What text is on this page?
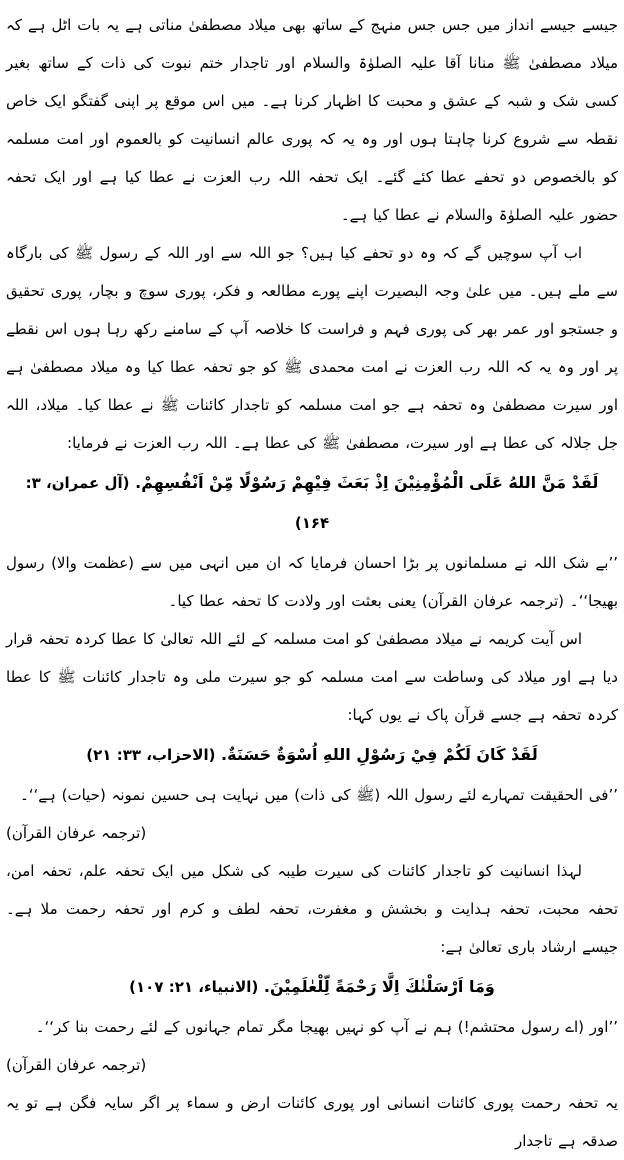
جیسے جیسے انداز میں جس جس منہج کے ساتھ بھی میلاد مصطفیٰ مناتی ہے یہ بات اٹل ہے کہ میلاد مصطفیٰ ﷺ منانا آقا علیہ الصلوٰۃ والسلام اور تاجدار ختم نبوت کی ذات کے ساتھ بغیر کسی شک و شبہ کے عشق و محبت کا اظہار کرنا ہے۔ میں اس موقع پر اپنی گفتگو ایک خاص نقطہ سے شروع کرنا چاہتا ہوں اور وہ یہ کہ پوری عالم انسانیت کو بالعموم اور امت مسلمہ کو بالخصوص دو تحفے عطا کئے گئے۔ ایک تحفہ اللہ رب العزت نے عطا کیا ہے اور ایک تحفہ حضور علیہ الصلوٰۃ والسلام نے عطا کیا ہے۔

اب آپ سوچیں گے کہ وہ دو تحفے کیا ہیں؟ جو اللہ سے اور اللہ کے رسول ﷺ کی بارگاہ سے ملے ہیں۔ میں علیٰ وجہ البصیرت اپنے پورے مطالعہ و فکر، پوری سوچ و بچار، پوری تحقیق و جستجو اور عمر بھر کی پوری فہم و فراست کا خلاصہ آپ کے سامنے رکھ رہا ہوں اس نقطے پر اور وہ یہ کہ اللہ رب العزت نے امت محمدی ﷺ کو جو تحفہ عطا کیا وہ میلاد مصطفیٰ ہے اور سیرت مصطفیٰ وہ تحفہ ہے جو امت مسلمہ کو تاجدار کائنات ﷺ نے عطا کیا۔ میلاد، اللہ جل جلالہ کی عطا ہے اور سیرت، مصطفیٰ ﷺ کی عطا ہے۔ اللہ رب العزت نے فرمایا:

لَقَدْ مَنَّ اللهُ عَلَی الْمُؤْمِنِيْنَ اِذْ بَعَثَ فِيْهِمْ رَسُوْلًا مِّنْ اَنْفُسِهِمْ. (آل عمران، ۳: ۱۶۴)

’’بے شک اللہ نے مسلمانوں پر بڑا احسان فرمایا کہ ان میں انہی میں سے (عظمت والا) رسول بھیجا‘‘۔ (ترجمہ عرفان القرآن) یعنی بعثت اور ولادت کا تحفہ عطا کیا۔

اس آیت کریمہ نے میلاد مصطفیٰ کو امت مسلمہ کے لئے اللہ تعالیٰ کا عطا کردہ تحفہ قرار دیا ہے اور میلاد کی وساطت سے امت مسلمہ کو جو سیرت ملی وہ تاجدار کائنات ﷺ کا عطا کردہ تحفہ ہے جسے قرآن پاک نے یوں کہا:

لَقَدْ كَانَ لَكُمْ فِيْ رَسُوْلِ اللهِ اُسْوَةٌ حَسَنَةٌ. (الاحزاب، ۳۳: ۲۱)

’’فی الحقیقت تمہارے لئے رسول اللہ (ﷺ کی ذات) میں نہایت ہی حسین نمونہ (حیات) ہے‘‘۔

(ترجمہ عرفان القرآن)

لہذا انسانیت کو تاجدار کائنات کی سیرت طیبہ کی شکل میں ایک تحفہ علم، تحفہ امن، تحفہ محبت، تحفہ ہدایت و بخشش و مغفرت، تحفہ لطف و کرم اور تحفہ رحمت ملا ہے۔ جیسے ارشاد باری تعالیٰ ہے:

وَمَا اَرْسَلْنٰكَ اِلَّا رَحْمَةً لِّلْعٰلَمِيْنَ. (الانبیاء، ۲۱: ۱۰۷)

’’اور (اے رسول محتشم!) ہم نے آپ کو نہیں بھیجا مگر تمام جہانوں کے لئے رحمت بنا کر‘‘۔

(ترجمہ عرفان القرآن)

یہ تحفہ رحمت پوری کائنات انسانی اور پوری کائنات ارض و سماء پر اگر سایہ فگن ہے تو یہ صدقہ ہے تاجدار
